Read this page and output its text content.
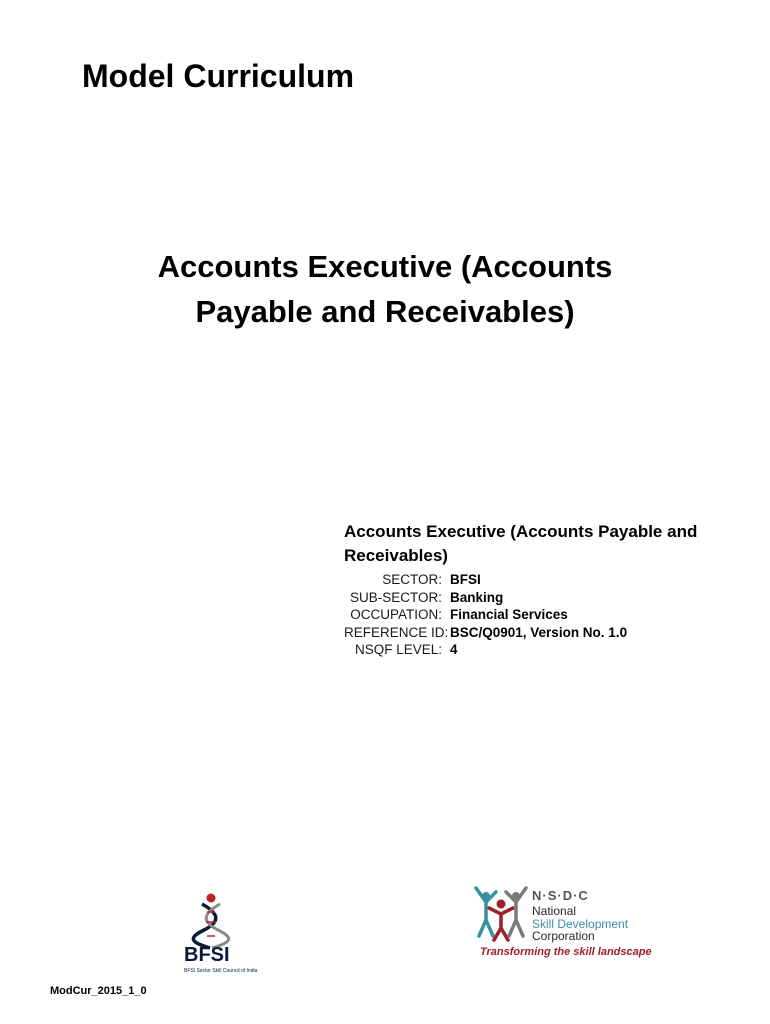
Model Curriculum
Accounts Executive (Accounts
Payable and Receivables)
Accounts Executive (Accounts Payable and
Receivables)
SECTOR: BFSI
SUB-SECTOR: Banking
OCCUPATION: Financial Services
REFERENCE ID: BSC/Q0901, Version No. 1.0
NSQF LEVEL: 4
BFSI
BFSI Sector Skill Council of India
N·S·D·C
National
Skill Development
Corporation
Transforming the skill landscape
ModCur_2015_1_0
